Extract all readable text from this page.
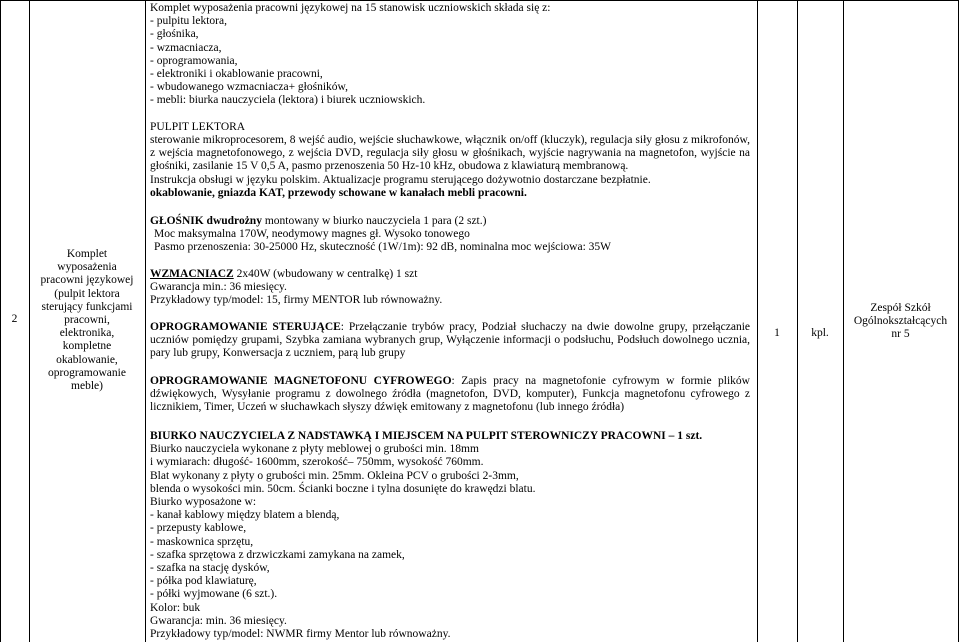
Komplet wyposażenia pracowni językowej na 15 stanowisk uczniowskich składa się z:
- pulpitu lektora,
- głośnika,
- wzmacniacza,
- oprogramowania,
- elektroniki i okablowanie pracowni,
- wbudowanego wzmacniacza+ głośników,
- mebli: biurka nauczyciela (lektora) i biurek uczniowskich.
2
Komplet
wyposażenia
pracowni językowej
(pulpit lektora
sterujący funkcjami
pracowni,
elektronika,
kompletne
okablowanie,
oprogramowanie
meble)
1	kpl.
Zespół Szkół
Ogólnokształcących
nr 5
PULPIT LEKTORA

sterowanie mikroprocesorem, 8 wejść audio, wejście słuchawkowe, włącznik on/off (kluczyk), regulacja siły głosu z mikrofonów, z wejścia magnetofonowego, z wejścia DVD, regulacja siły głosu w głośnikach, wyjście nagrywania na magnetofon, wyjście na głośniki, zasilanie 15 V 0,5 A, pasmo przenoszenia 50 Hz-10 kHz, obudowa z klawiaturą membranową.

Instrukcja obsługi w języku polskim. Aktualizacje programu sterującego dożywotnio dostarczane bezpłatnie.

okablowanie, gniazda KAT, przewody schowane w kanałach mebli pracowni.

GŁOŚNIK dwudrożny montowany w biurko nauczyciela 1 para (2 szt.)
Moc maksymalna 170W, neodymowy magnes gł. Wysoko tonowego
Pasmo przenoszenia: 30-25000 Hz, skuteczność (1W/1m): 92 dB, nominalna moc wejściowa: 35W
WZMACNIACZ 2x40W (wbudowany w centralkę) 1 szt
Gwarancja min.: 36 miesięcy.
Przykładowy typ/model: 15, firmy MENTOR lub równoważny.

OPROGRAMOWANIE STERUJĄCE: Przełączanie trybów pracy, Podział słuchaczy na dwie dowolne grupy, przełączanie uczniów pomiędzy grupami, Szybka zamiana wybranych grup, Wyłączenie informacji o podsłuchu, Podsłuch dowolnego ucznia, pary lub grupy, Konwersacja z uczniem, parą lub grupy

OPROGRAMOWANIE MAGNETOFONU CYFROWEGO: Zapis pracy na magnetofonie cyfrowym w formie plików dźwiękowych, Wysyłanie programu z dowolnego źródła (magnetofon, DVD, komputer), Funkcja magnetofonu cyfrowego z licznikiem, Timer, Uczeń w słuchawkach słyszy dźwięk emitowany z magnetofonu (lub innego źródła)

BIURKO NAUCZYCIELA Z NADSTAWKĄ I MIEJSCEM NA PULPIT STEROWNICZY PRACOWNI – 1 szt.
Biurko nauczyciela wykonane z płyty meblowej o grubości min. 18mm
i wymiarach: długość- 1600mm, szerokość– 750mm, wysokość 760mm.
Blat wykonany z płyty o grubości min. 25mm. Okleina PCV o grubości 2-3mm,
blenda o wysokości min. 50cm. Ścianki boczne i tylna dosunięte do krawędzi blatu.
Biurko wyposażone w:
- kanał kablowy między blatem a blendą,
- przepusty kablowe,
- maskownica sprzętu,
- szafka sprzętowa z drzwiczkami zamykana na zamek,
- szafka na stację dysków,
- półka pod klawiaturę,
- półki wyjmowane (6 szt.).
Kolor: buk
Gwarancja: min. 36 miesięcy.
Przykładowy typ/model: NWMR firmy Mentor lub równoważny.
